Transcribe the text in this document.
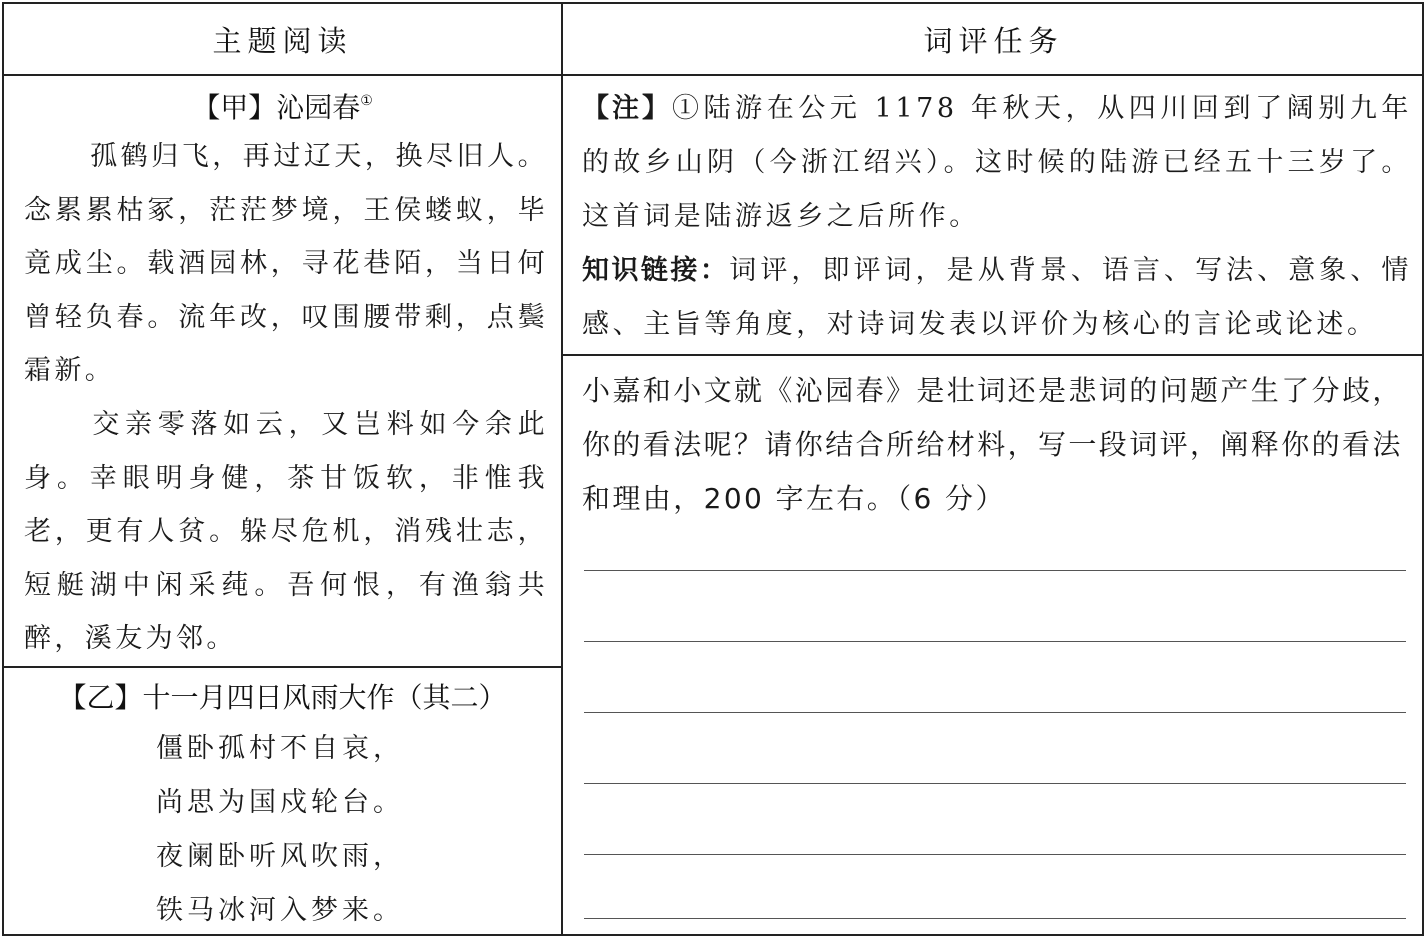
主题阅读	词评任务
【甲】沁园春①

孤鹤归飞，再过辽天，换尽旧人。念累累枯冢，茫茫梦境，王侯蝼蚁，毕竟成尘。载酒园林，寻花巷陌，当日何曾轻负春。流年改，叹围腰带剩，点鬓霜新。

交亲零落如云，又岂料如今余此身。幸眼明身健，茶甘饭软，非惟我老，更有人贫。躲尽危机，消残壮志，短艇湖中闲采莼。吾何恨，有渔翁共醉，溪友为邻。

【乙】十一月四日风雨大作（其二）
僵卧孤村不自哀，
尚思为国戍轮台。
夜阑卧听风吹雨，
铁马冰河入梦来。

【注】①陆游在公元 1178 年秋天，从四川回到了阔别九年的故乡山阴（今浙江绍兴）。这时候的陆游已经五十三岁了。这首词是陆游返乡之后所作。

知识链接：词评，即评词，是从背景、语言、写法、意象、情感、主旨等角度，对诗词发表以评价为核心的言论或论述。

小嘉和小文就《沁园春》是壮词还是悲词的问题产生了分歧，你的看法呢？请你结合所给材料，写一段词评，阐释你的看法和理由，200 字左右。（6 分）
